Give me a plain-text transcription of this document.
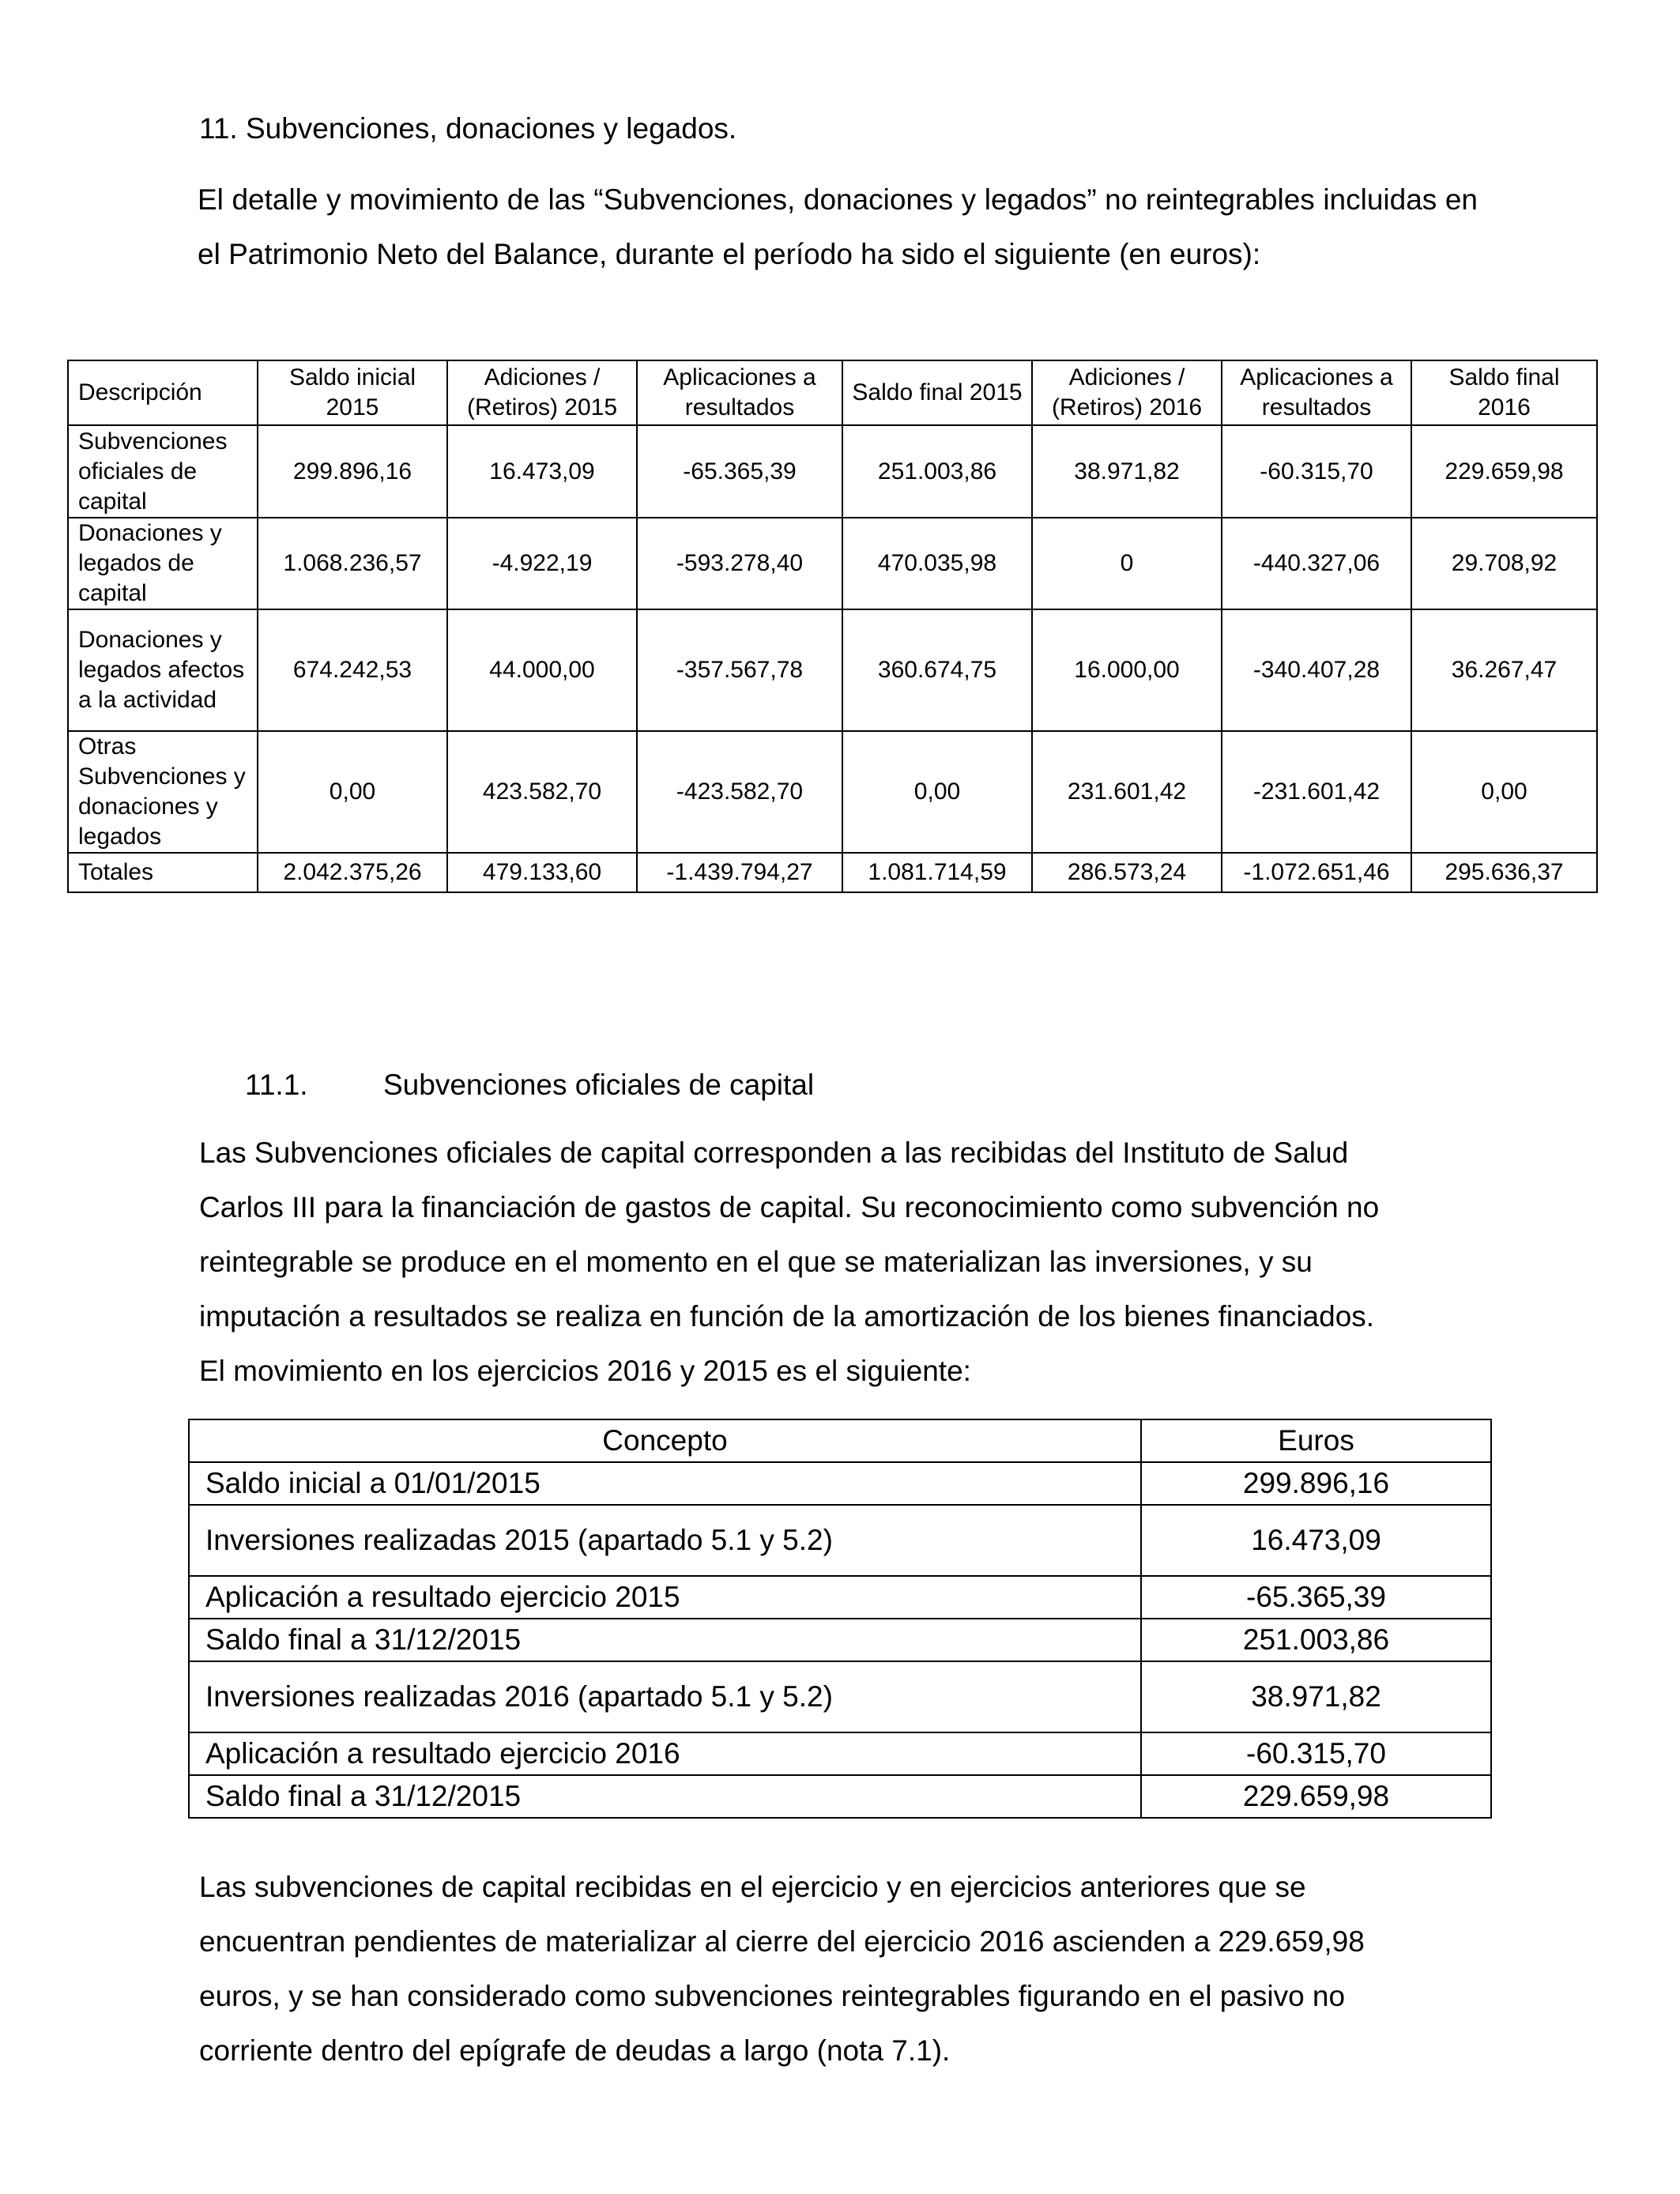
11. Subvenciones, donaciones y legados.
El detalle y movimiento de las “Subvenciones, donaciones y legados” no reintegrables incluidas en el Patrimonio Neto del Balance, durante el período ha sido el siguiente (en euros):
Descripción	Saldo inicial 2015	Adiciones / (Retiros) 2015	Aplicaciones a resultados	Saldo final 2015	Adiciones / (Retiros) 2016	Aplicaciones a resultados	Saldo final 2016
Subvenciones oficiales de capital	299.896,16	16.473,09	-65.365,39	251.003,86	38.971,82	-60.315,70	229.659,98
Donaciones y legados de capital	1.068.236,57	-4.922,19	-593.278,40	470.035,98	0	-440.327,06	29.708,92
Donaciones y legados afectos a la actividad	674.242,53	44.000,00	-357.567,78	360.674,75	16.000,00	-340.407,28	36.267,47
Otras Subvenciones y donaciones y legados	0,00	423.582,70	-423.582,70	0,00	231.601,42	-231.601,42	0,00
Totales	2.042.375,26	479.133,60	-1.439.794,27	1.081.714,59	286.573,24	-1.072.651,46	295.636,37
11.1.	Subvenciones oficiales de capital
Las Subvenciones oficiales de capital corresponden a las recibidas del Instituto de Salud
Carlos III para la financiación de gastos de capital. Su reconocimiento como subvención no
reintegrable se produce en el momento en el que se materializan las inversiones, y su
imputación a resultados se realiza en función de la amortización de los bienes financiados.
El movimiento en los ejercicios 2016 y 2015 es el siguiente:
Concepto	Euros
Saldo inicial a 01/01/2015	299.896,16
Inversiones realizadas 2015 (apartado 5.1 y 5.2)	16.473,09
Aplicación a resultado ejercicio 2015	-65.365,39
Saldo final a 31/12/2015	251.003,86
Inversiones realizadas 2016 (apartado 5.1 y 5.2)	38.971,82
Aplicación a resultado ejercicio 2016	-60.315,70
Saldo final a 31/12/2015	229.659,98
Las subvenciones de capital recibidas en el ejercicio y en ejercicios anteriores que se
encuentran pendientes de materializar al cierre del ejercicio 2016 ascienden a 229.659,98
euros, y se han considerado como subvenciones reintegrables figurando en el pasivo no
corriente dentro del epígrafe de deudas a largo (nota 7.1).
